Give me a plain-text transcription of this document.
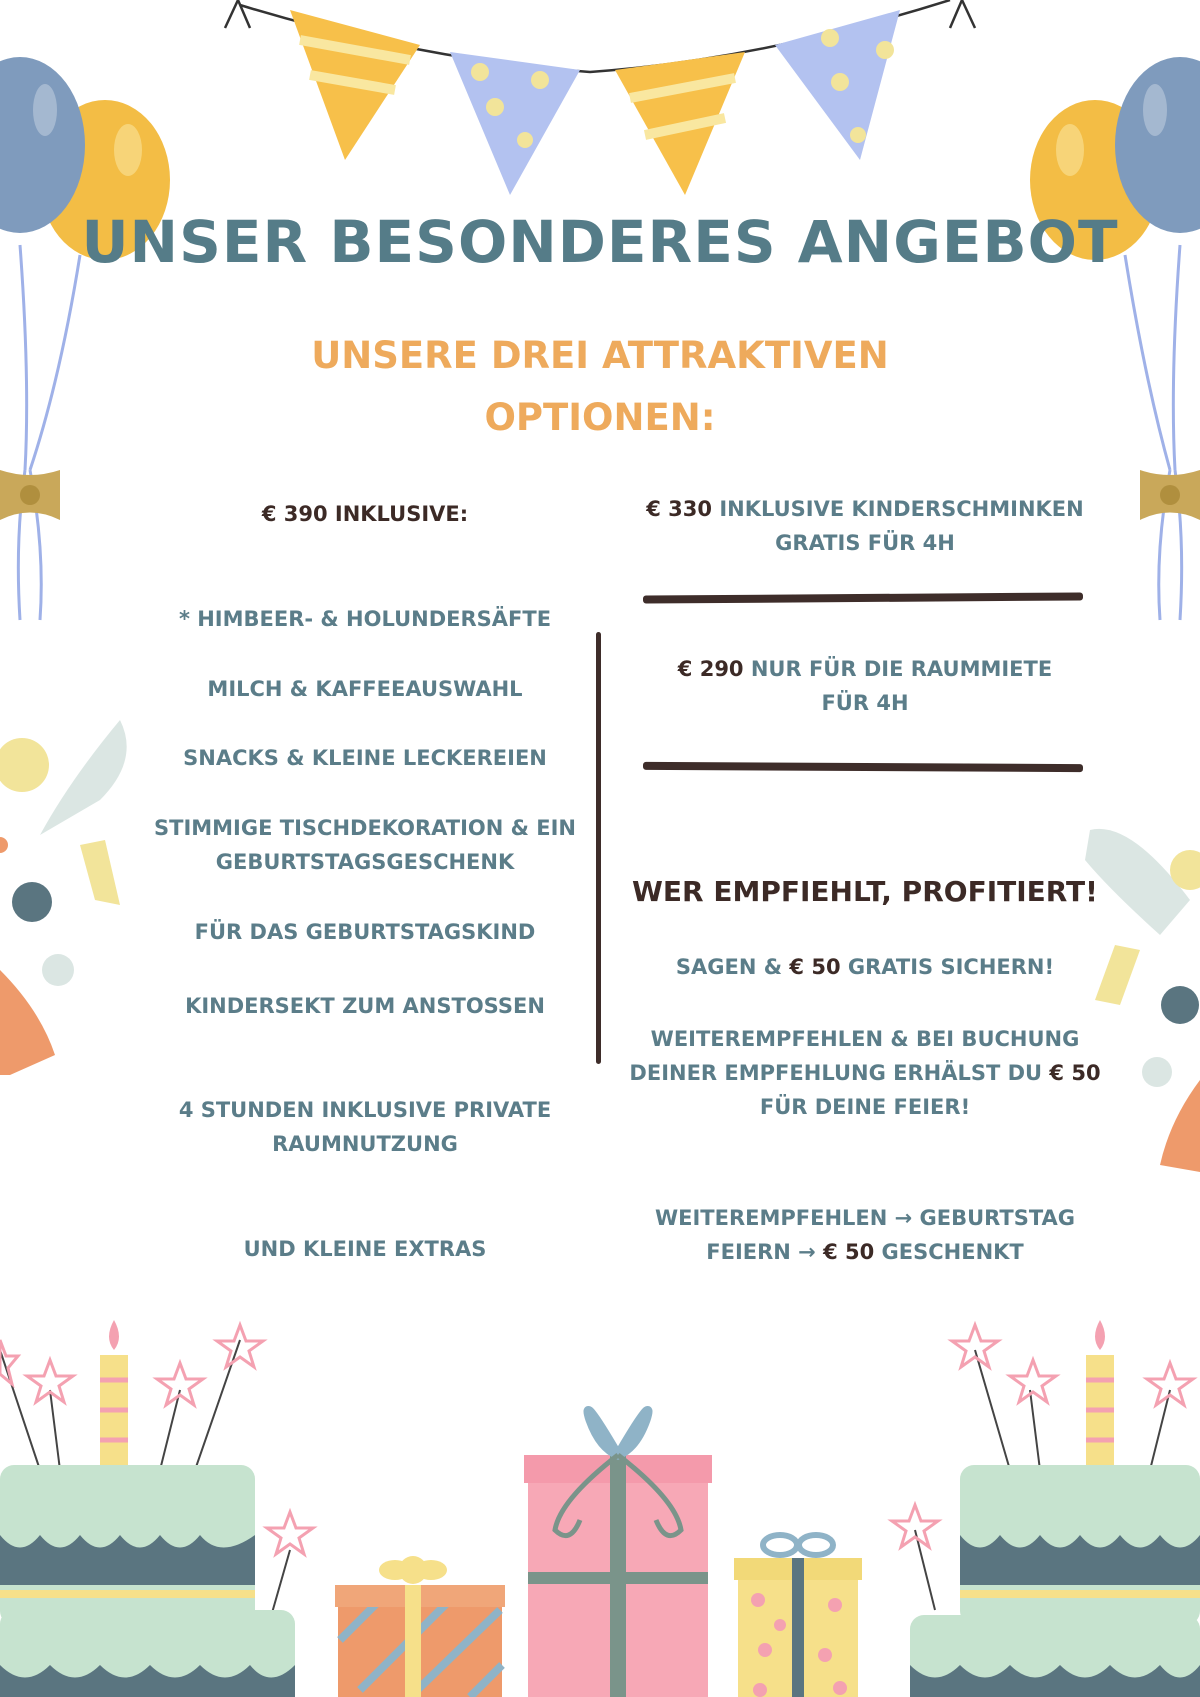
UNSER BESONDERES ANGEBOT
UNSERE DREI ATTRAKTIVEN
OPTIONEN:
€ 390 INKLUSIVE:
* HIMBEER- & HOLUNDERSÄFTE
MILCH & KAFFEEAUSWAHL
SNACKS & KLEINE LECKEREIEN
STIMMIGE TISCHDEKORATION & EIN
GEBURTSTAGSGESCHENK
FÜR DAS GEBURTSTAGSKIND
KINDERSEKT ZUM ANSTOSSEN
4 STUNDEN INKLUSIVE PRIVATE
RAUMNUTZUNG
UND KLEINE EXTRAS
€ 330 INKLUSIVE KINDERSCHMINKEN
GRATIS FÜR 4H
€ 290 NUR FÜR DIE RAUMMIETE
FÜR 4H
WER EMPFIEHLT, PROFITIERT!
SAGEN & € 50 GRATIS SICHERN!
WEITEREMPFEHLEN & BEI BUCHUNG
DEINER EMPFEHLUNG ERHÄLST DU € 50
FÜR DEINE FEIER!
WEITEREMPFEHLEN → GEBURTSTAG
FEIERN → € 50 GESCHENKT
